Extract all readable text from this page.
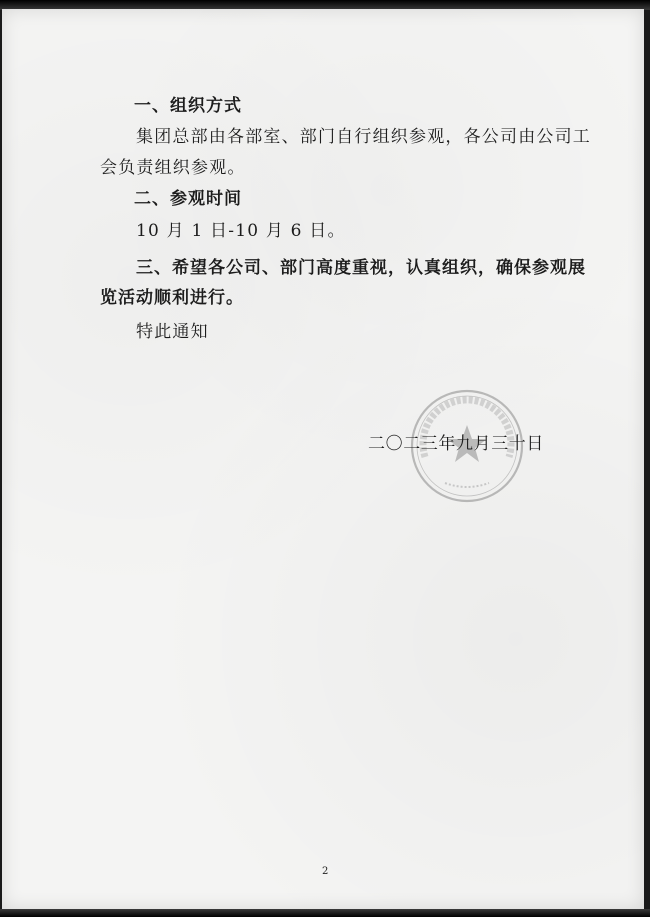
一、组织方式
集团总部由各部室、部门自行组织参观，各公司由公司工
会负责组织参观。
二、参观时间
10 月 1 日-10 月 6 日。
三、希望各公司、部门高度重视，认真组织，确保参观展
览活动顺利进行。
特此通知
二〇二三年九月三十日
2
